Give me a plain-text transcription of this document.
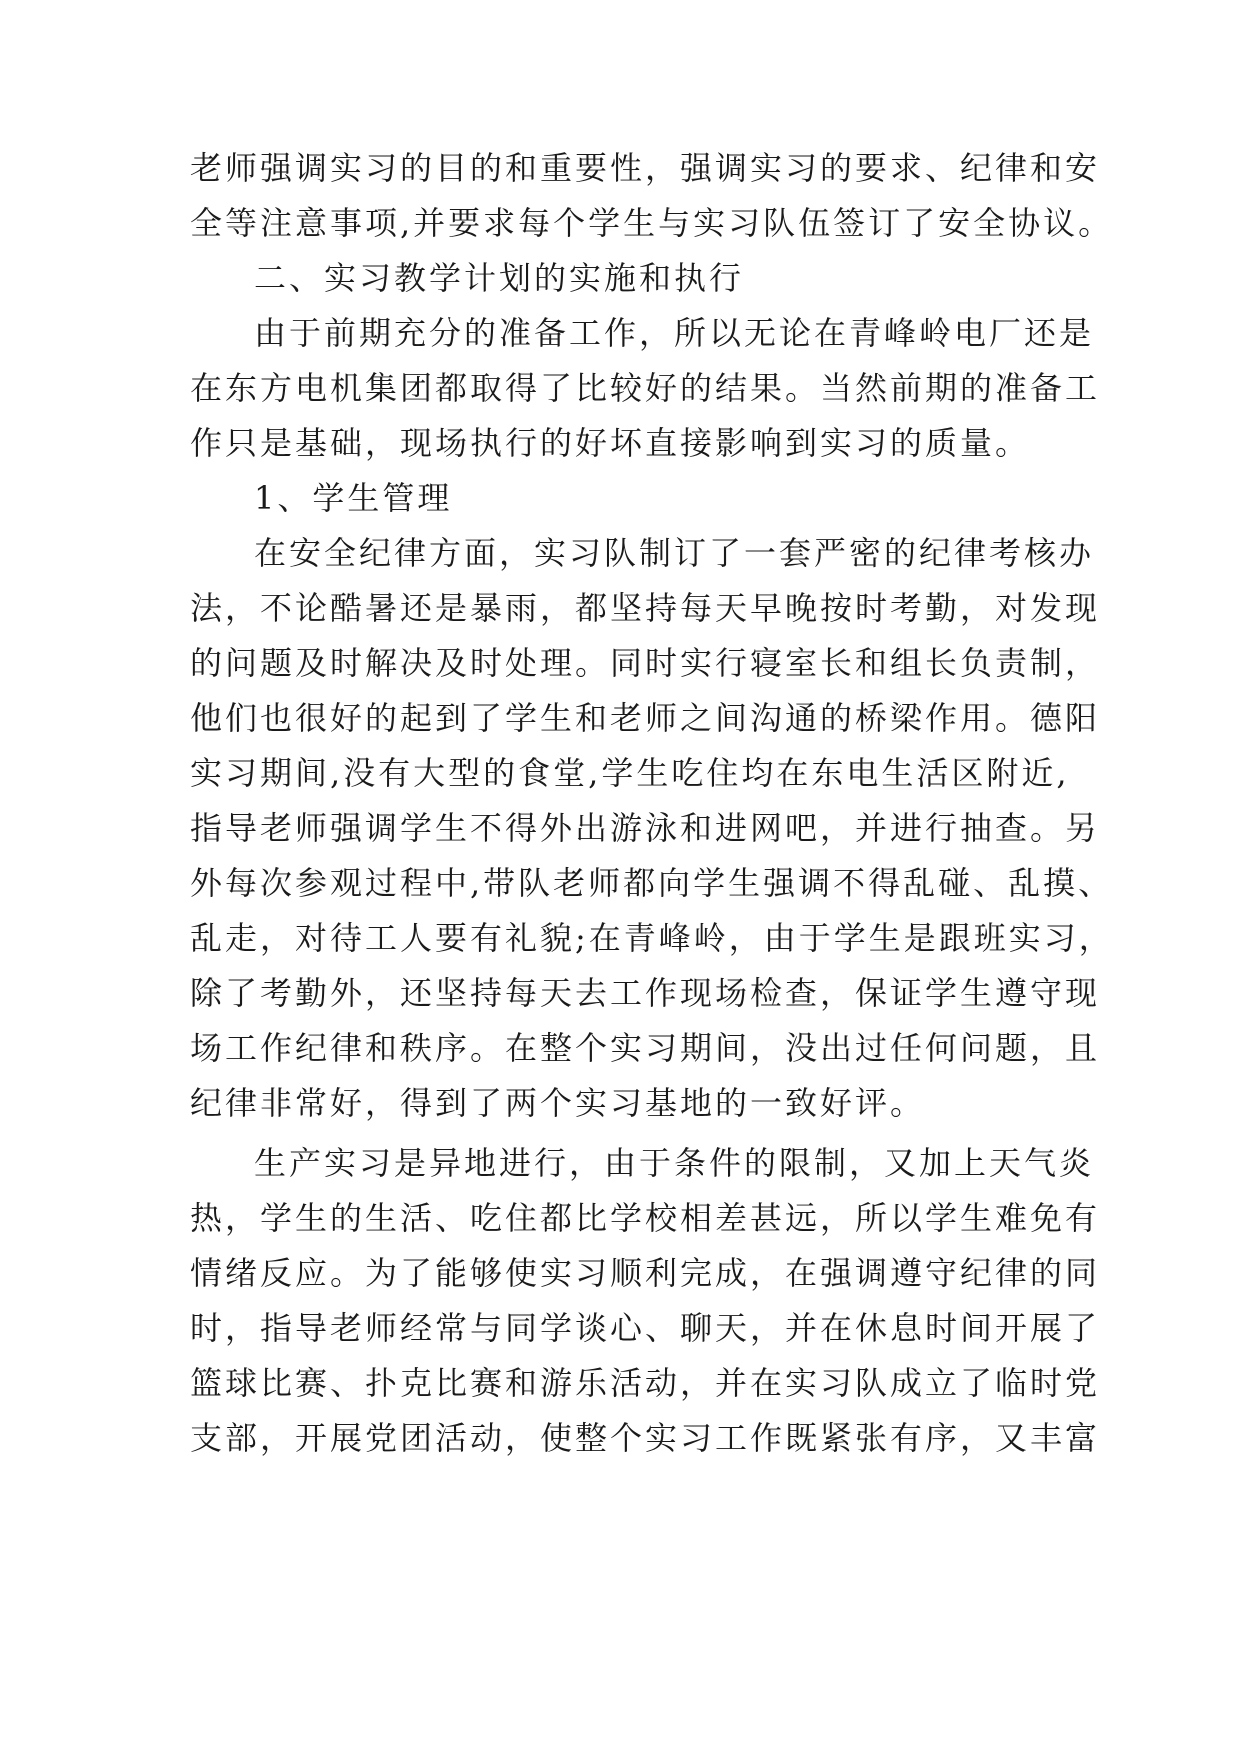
老师强调实习的目的和重要性，强调实习的要求、纪律和安
全等注意事项,并要求每个学生与实习队伍签订了安全协议。
二、实习教学计划的实施和执行
由于前期充分的准备工作，所以无论在青峰岭电厂还是
在东方电机集团都取得了比较好的结果。当然前期的准备工
作只是基础，现场执行的好坏直接影响到实习的质量。
1、学生管理
在安全纪律方面，实习队制订了一套严密的纪律考核办
法，不论酷暑还是暴雨，都坚持每天早晚按时考勤，对发现
的问题及时解决及时处理。同时实行寝室长和组长负责制，
他们也很好的起到了学生和老师之间沟通的桥梁作用。德阳
实习期间,没有大型的食堂,学生吃住均在东电生活区附近,
指导老师强调学生不得外出游泳和进网吧，并进行抽查。另
外每次参观过程中,带队老师都向学生强调不得乱碰、乱摸、
乱走，对待工人要有礼貌;在青峰岭，由于学生是跟班实习，
除了考勤外，还坚持每天去工作现场检查，保证学生遵守现
场工作纪律和秩序。在整个实习期间，没出过任何问题，且
纪律非常好，得到了两个实习基地的一致好评。
生产实习是异地进行，由于条件的限制，又加上天气炎
热，学生的生活、吃住都比学校相差甚远，所以学生难免有
情绪反应。为了能够使实习顺利完成，在强调遵守纪律的同
时，指导老师经常与同学谈心、聊天，并在休息时间开展了
篮球比赛、扑克比赛和游乐活动，并在实习队成立了临时党
支部，开展党团活动，使整个实习工作既紧张有序，又丰富
